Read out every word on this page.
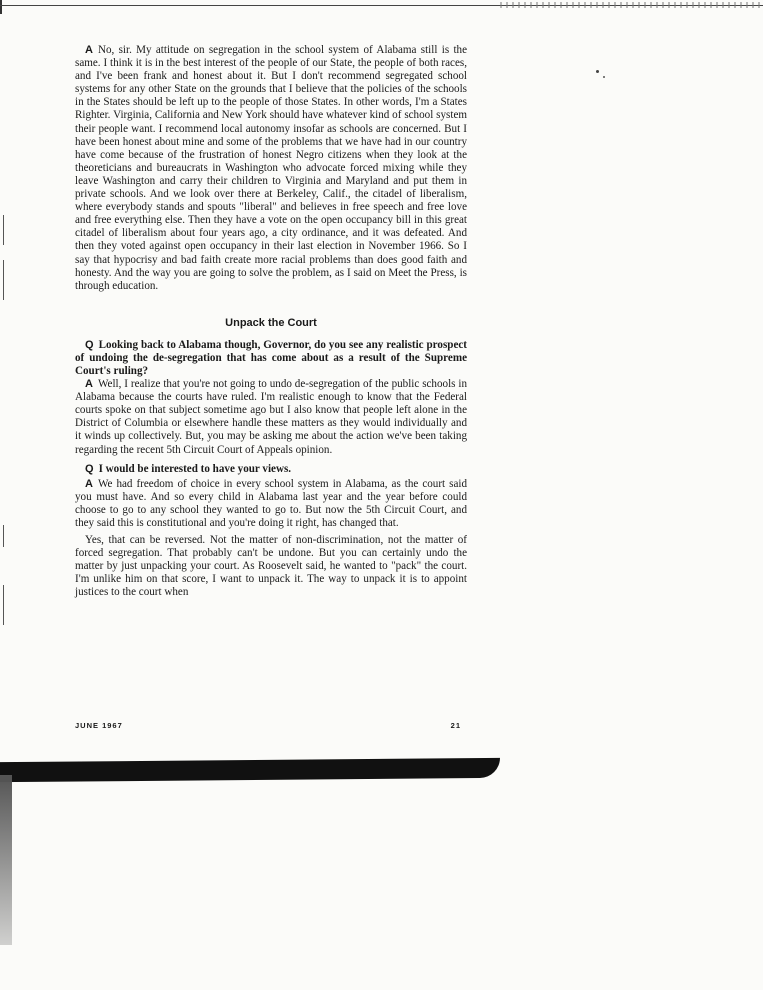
A No, sir. My attitude on segregation in the school system of Alabama still is the same. I think it is in the best interest of the people of our State, the people of both races, and I've been frank and honest about it. But I don't recommend segregated school systems for any other State on the grounds that I believe that the policies of the schools in the States should be left up to the people of those States. In other words, I'm a States Righter. Virginia, California and New York should have whatever kind of school system their people want. I recommend local autonomy insofar as schools are concerned. But I have been honest about mine and some of the problems that we have had in our country have come because of the frustration of honest Negro citizens when they look at the theoreticians and bureaucrats in Washington who advocate forced mixing while they leave Washington and carry their children to Virginia and Maryland and put them in private schools. And we look over there at Berkeley, Calif., the citadel of liberalism, where everybody stands and spouts "liberal" and believes in free speech and free love and free everything else. Then they have a vote on the open occupancy bill in this great citadel of liberalism about four years ago, a city ordinance, and it was defeated. And then they voted against open occupancy in their last election in November 1966. So I say that hypocrisy and bad faith create more racial problems than does good faith and honesty. And the way you are going to solve the problem, as I said on Meet the Press, is through education.

Unpack the Court

Q Looking back to Alabama though, Governor, do you see any realistic prospect of undoing the de-segregation that has come about as a result of the Supreme Court's ruling?

A Well, I realize that you're not going to undo de-segregation of the public schools in Alabama because the courts have ruled. I'm realistic enough to know that the Federal courts spoke on that subject sometime ago but I also know that people left alone in the District of Columbia or elsewhere handle these matters as they would individually and it winds up collectively. But, you may be asking me about the action we've been taking regarding the recent 5th Circuit Court of Appeals opinion.

Q I would be interested to have your views.

A We had freedom of choice in every school system in Alabama, as the court said you must have. And so every child in Alabama last year and the year before could choose to go to any school they wanted to go to. But now the 5th Circuit Court, and they said this is constitutional and you're doing it right, has changed that.

Yes, that can be reversed. Not the matter of non-discrimination, not the matter of forced segregation. That probably can't be undone. But you can certainly undo the matter by just unpacking your court. As Roosevelt said, he wanted to "pack" the court. I'm unlike him on that score, I want to unpack it. The way to unpack it is to appoint justices to the court when

JUNE 1967	21
